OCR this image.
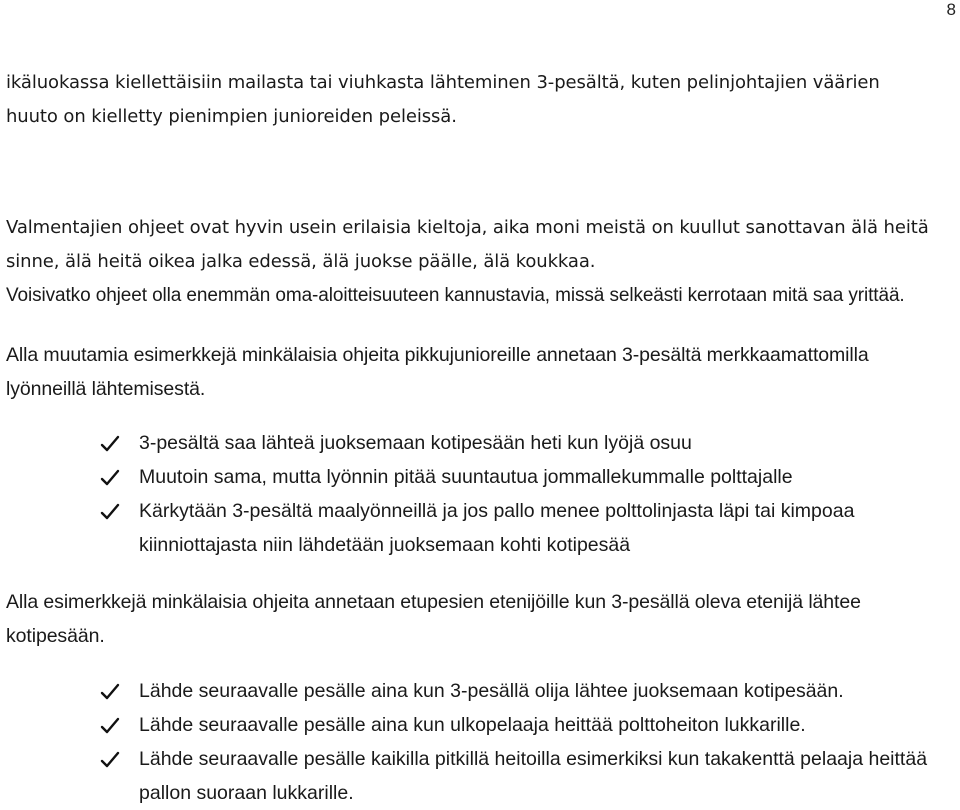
8

ikäluokassa kiellettäisiin mailasta tai viuhkasta lähteminen 3-pesältä, kuten pelinjohtajien väärien huuto on kielletty pienimpien junioreiden peleissä.

Valmentajien ohjeet ovat hyvin usein erilaisia kieltoja, aika moni meistä on kuullut sanottavan älä heitä sinne, älä heitä oikea jalka edessä, älä juokse päälle, älä koukkaa.

Voisivatko ohjeet olla enemmän oma-aloitteisuuteen kannustavia, missä selkeästi kerrotaan mitä saa yrittää.

Alla muutamia esimerkkejä minkälaisia ohjeita pikkujunioreille annetaan 3-pesältä merkkaamattomilla lyönneillä lähtemisestä.

3-pesältä saa lähteä juoksemaan kotipesään heti kun lyöjä osuu
Muutoin sama, mutta lyönnin pitää suuntautua jommallekummalle polttajalle
Kärkytään 3-pesältä maalyönneillä ja jos pallo menee polttolinjasta läpi tai kimpoaa kiinniottajasta niin lähdetään juoksemaan kohti kotipesää

Alla esimerkkejä minkälaisia ohjeita annetaan etupesien etenijöille kun 3-pesällä oleva etenijä lähtee kotipesään.

Lähde seuraavalle pesälle aina kun 3-pesällä olija lähtee juoksemaan kotipesään.
Lähde seuraavalle pesälle aina kun ulkopelaaja heittää polttoheiton lukkarille.
Lähde seuraavalle pesälle kaikilla pitkillä heitoilla esimerkiksi kun takakenttä pelaaja heittää pallon suoraan lukkarille.
